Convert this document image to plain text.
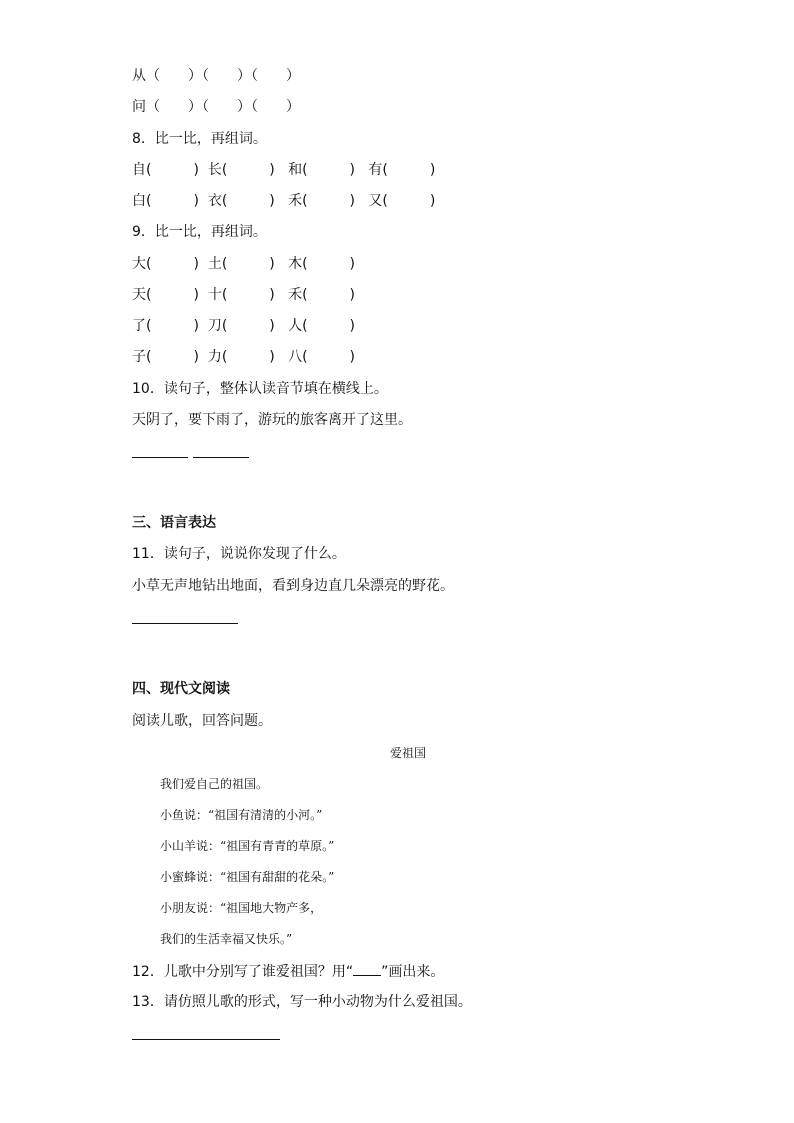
从（　　）（　　）（　　）
问（　　）（　　）（　　）
8．比一比，再组词。
自(　　　)  长(　　　)   和(　　　)   有(　　　)
白(　　　)  衣(　　　)   禾(　　　)   又(　　　)
9．比一比，再组词。
大(　　　)  土(　　　)   木(　　　)
天(　　　)  十(　　　)   禾(　　　)
了(　　　)  刀(　　　)   人(　　　)
子(　　　)  力(　　　)   八(　　　)
10．读句子，整体认读音节填在横线上。
天阴了，要下雨了，游玩的旅客离开了这里。
三、语言表达
11．读句子，说说你发现了什么。
小草无声地钻出地面，看到身边直几朵漂亮的野花。
四、现代文阅读
阅读儿歌，回答问题。
爱祖国
我们爱自己的祖国。
小鱼说：“祖国有清清的小河。”
小山羊说：“祖国有青青的草原。”
小蜜蜂说：“祖国有甜甜的花朵。”
小朋友说：“祖国地大物产多，
我们的生活幸福又快乐。”
12．儿歌中分别写了谁爱祖国？用“ ”画出来。
13．请仿照儿歌的形式，写一种小动物为什么爱祖国。
